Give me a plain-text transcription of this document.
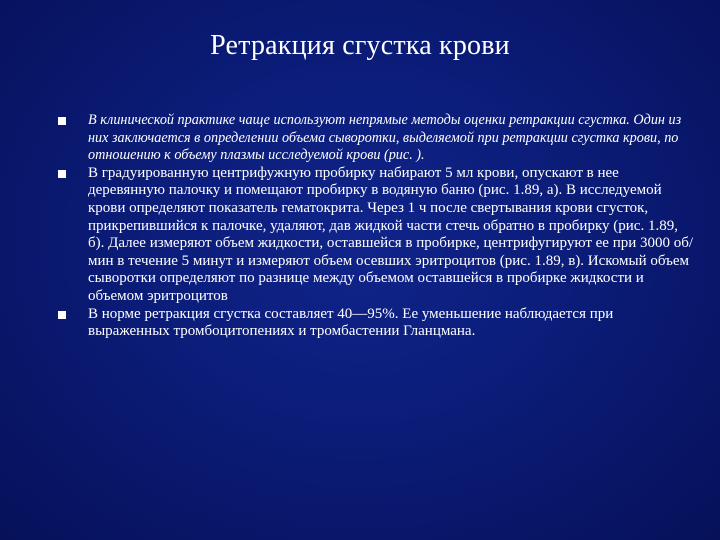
Ретракция сгустка крови
В клинической практике чаще используют непрямые методы оценки ретракции сгустка. Один из них заключается в определении объема сыворотки, выделяемой при ретракции сгустка крови, по отношению к объему плазмы исследуемой крови (рис. ).
В градуированную центрифужную пробирку набирают 5 мл крови, опускают в нее деревянную палочку и помещают пробирку в водяную баню (рис. 1.89, а). В исследуемой крови определяют показатель гематокрита. Через 1 ч после свертывания крови сгусток, прикрепившийся к палочке, удаляют, дав жидкой части стечь обратно в пробирку (рис. 1.89, б). Далее измеряют объем жидкости, оставшейся в пробирке, центрифугируют ее при 3000 об/мин в течение 5 минут и измеряют объем осевших эритроцитов (рис. 1.89, в). Искомый объем сыворотки определяют по разнице между объемом оставшейся в пробирке жидкости и объемом эритроцитов
В норме ретракция сгустка составляет 40—95%. Ее уменьшение наблюдается при выраженных тромбоцитопениях и тромбастении Гланцмана.
